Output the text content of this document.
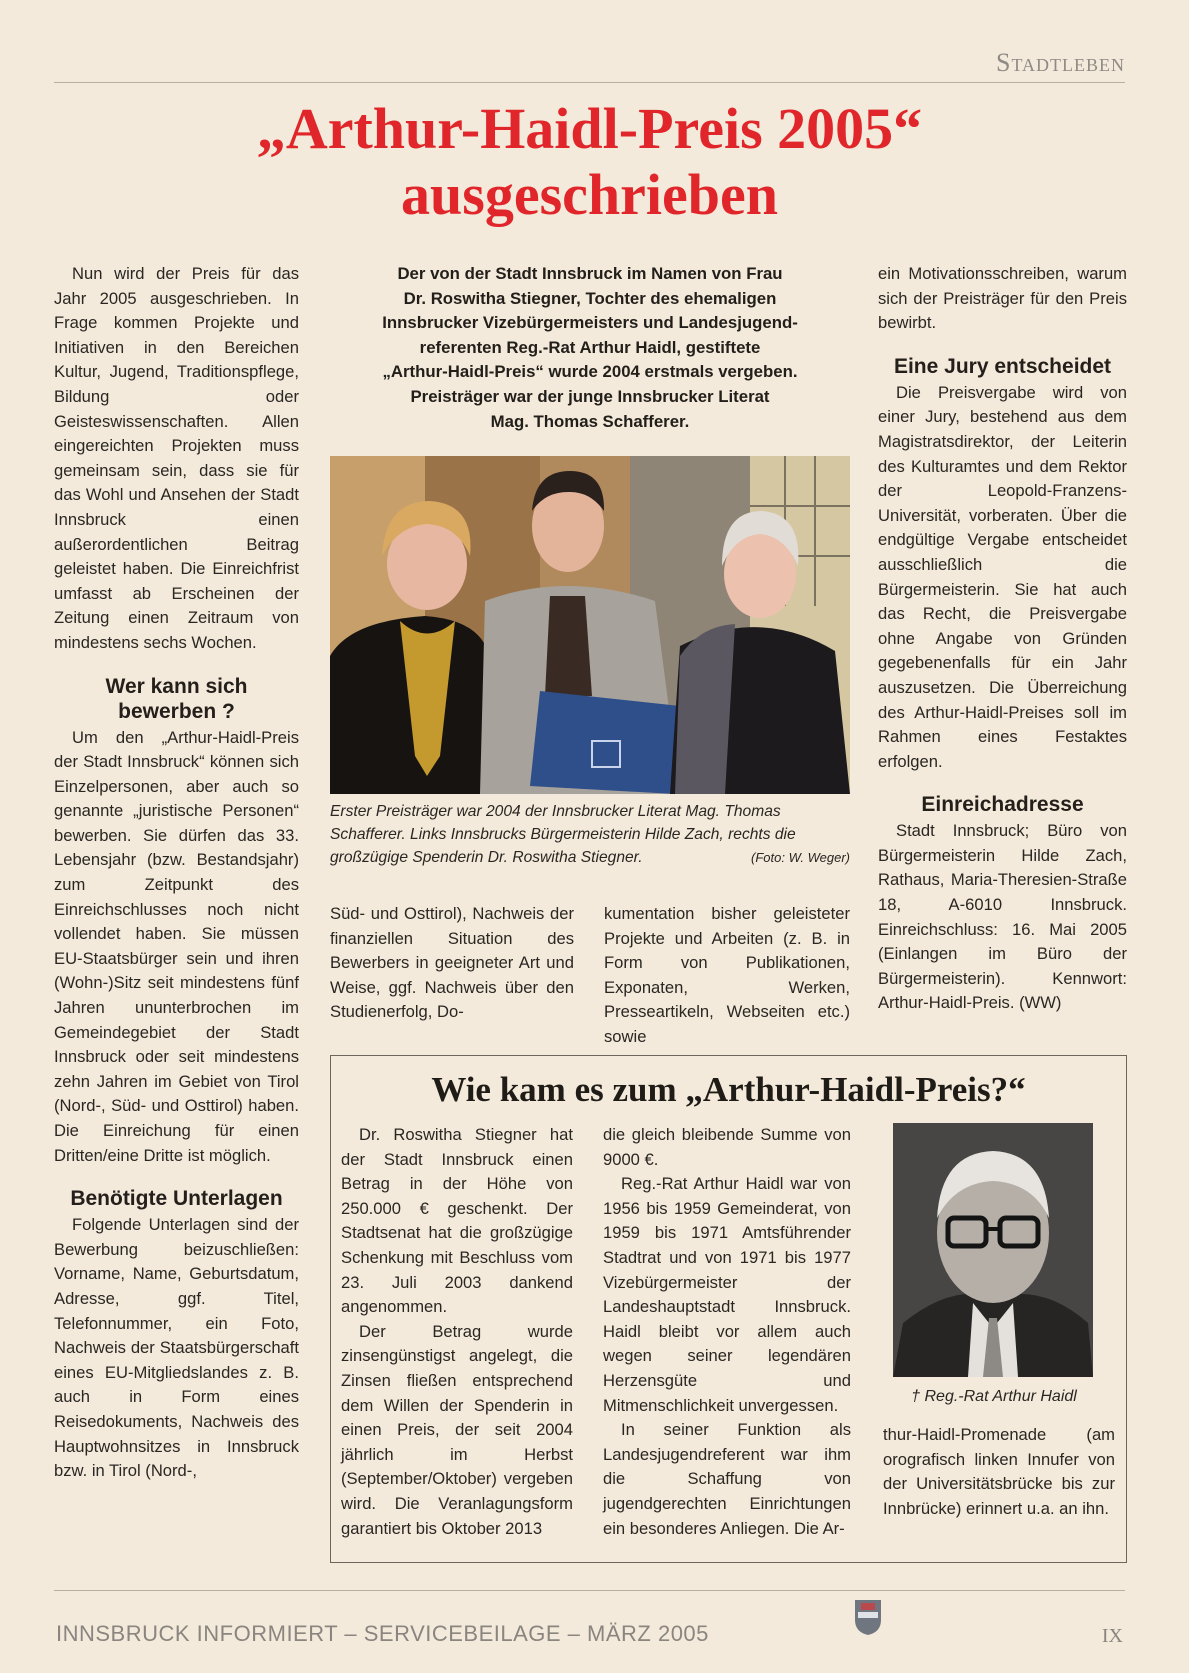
Stadtleben
„Arthur-Haidl-Preis 2005“
ausgeschrieben

Nun wird der Preis für das Jahr 2005 ausgeschrieben. In Frage kommen Projekte und Initiativen in den Bereichen Kultur, Jugend, Traditionspflege, Bildung oder Geisteswissenschaften. Allen eingereichten Projekten muss gemeinsam sein, dass sie für das Wohl und Ansehen der Stadt Innsbruck einen außerordentlichen Beitrag geleistet haben. Die Einreichfrist umfasst ab Erscheinen der Zeitung einen Zeitraum von mindestens sechs Wochen.

Wer kann sich bewerben ?

Um den „Arthur-Haidl-Preis der Stadt Innsbruck“ können sich Einzelpersonen, aber auch so genannte „juristische Personen“ bewerben. Sie dürfen das 33. Lebensjahr (bzw. Bestandsjahr) zum Zeitpunkt des Einreichschlusses noch nicht vollendet haben. Sie müssen EU-Staatsbürger sein und ihren (Wohn-)Sitz seit mindestens fünf Jahren ununterbrochen im Gemeindegebiet der Stadt Innsbruck oder seit mindestens zehn Jahren im Gebiet von Tirol (Nord-, Süd- und Osttirol) haben. Die Einreichung für einen Dritten/eine Dritte ist möglich.

Benötigte Unterlagen

Folgende Unterlagen sind der Bewerbung beizuschließen: Vorname, Name, Geburtsdatum, Adresse, ggf. Titel, Telefonnummer, ein Foto, Nachweis der Staatsbürgerschaft eines EU-Mitgliedslandes z. B. auch in Form eines Reisedokuments, Nachweis des Hauptwohnsitzes in Innsbruck bzw. in Tirol (Nord-,

Der von der Stadt Innsbruck im Namen von Frau
Dr. Roswitha Stiegner, Tochter des ehemaligen
Innsbrucker Vizebürgermeisters und Landesjugend-
referenten Reg.-Rat Arthur Haidl, gestiftete
„Arthur-Haidl-Preis“ wurde 2004 erstmals vergeben.
Preisträger war der junge Innsbrucker Literat
Mag. Thomas Schafferer.
Erster Preisträger war 2004 der Innsbrucker Literat Mag. Thomas
Schafferer. Links Innsbrucks Bürgermeisterin Hilde Zach, rechts die
großzügige Spenderin Dr. Roswitha Stiegner.	(Foto: W. Weger)

Süd- und Osttirol), Nachweis der finanziellen Situation des Bewerbers in geeigneter Art und Weise, ggf. Nachweis über den Studienerfolg, Do-

kumentation bisher geleisteter Projekte und Arbeiten (z. B. in Form von Publikationen, Exponaten, Werken, Presseartikeln, Webseiten etc.) sowie

ein Motivationsschreiben, warum sich der Preisträger für den Preis bewirbt.

Eine Jury entscheidet

Die Preisvergabe wird von einer Jury, bestehend aus dem Magistratsdirektor, der Leiterin des Kulturamtes und dem Rektor der Leopold-Franzens-Universität, vorberaten. Über die endgültige Vergabe entscheidet ausschließlich die Bürgermeisterin. Sie hat auch das Recht, die Preisvergabe ohne Angabe von Gründen gegebenenfalls für ein Jahr auszusetzen. Die Überreichung des Arthur-Haidl-Preises soll im Rahmen eines Festaktes erfolgen.

Einreichadresse

Stadt Innsbruck; Büro von Bürgermeisterin Hilde Zach, Rathaus, Maria-Theresien-Straße 18, A-6010 Innsbruck. Einreichschluss: 16. Mai 2005 (Einlangen im Büro der Bürgermeisterin). Kennwort: Arthur-Haidl-Preis. (WW)

Wie kam es zum „Arthur-Haidl-Preis?“

Dr. Roswitha Stiegner hat der Stadt Innsbruck einen Betrag in der Höhe von 250.000 € geschenkt. Der Stadtsenat hat die großzügige Schenkung mit Beschluss vom 23. Juli 2003 dankend angenommen.

Der Betrag wurde zinsengünstigst angelegt, die Zinsen fließen entsprechend dem Willen der Spenderin in einen Preis, der seit 2004 jährlich im Herbst (September/Oktober) vergeben wird. Die Veranlagungsform garantiert bis Oktober 2013

die gleich bleibende Summe von 9000 €.

Reg.-Rat Arthur Haidl war von 1956 bis 1959 Gemeinderat, von 1959 bis 1971 Amtsführender Stadtrat und von 1971 bis 1977 Vizebürgermeister der Landeshauptstadt Innsbruck. Haidl bleibt vor allem auch wegen seiner legendären Herzensgüte und Mitmenschlichkeit unvergessen.

In seiner Funktion als Landesjugendreferent war ihm die Schaffung von jugendgerechten Einrichtungen ein besonderes Anliegen. Die Ar-

† Reg.-Rat Arthur Haidl

thur-Haidl-Promenade (am orografisch linken Innufer von der Universitätsbrücke bis zur Innbrücke) erinnert u.a. an ihn.

INNSBRUCK INFORMIERT – SERVICEBEILAGE – MÄRZ 2005	IX
